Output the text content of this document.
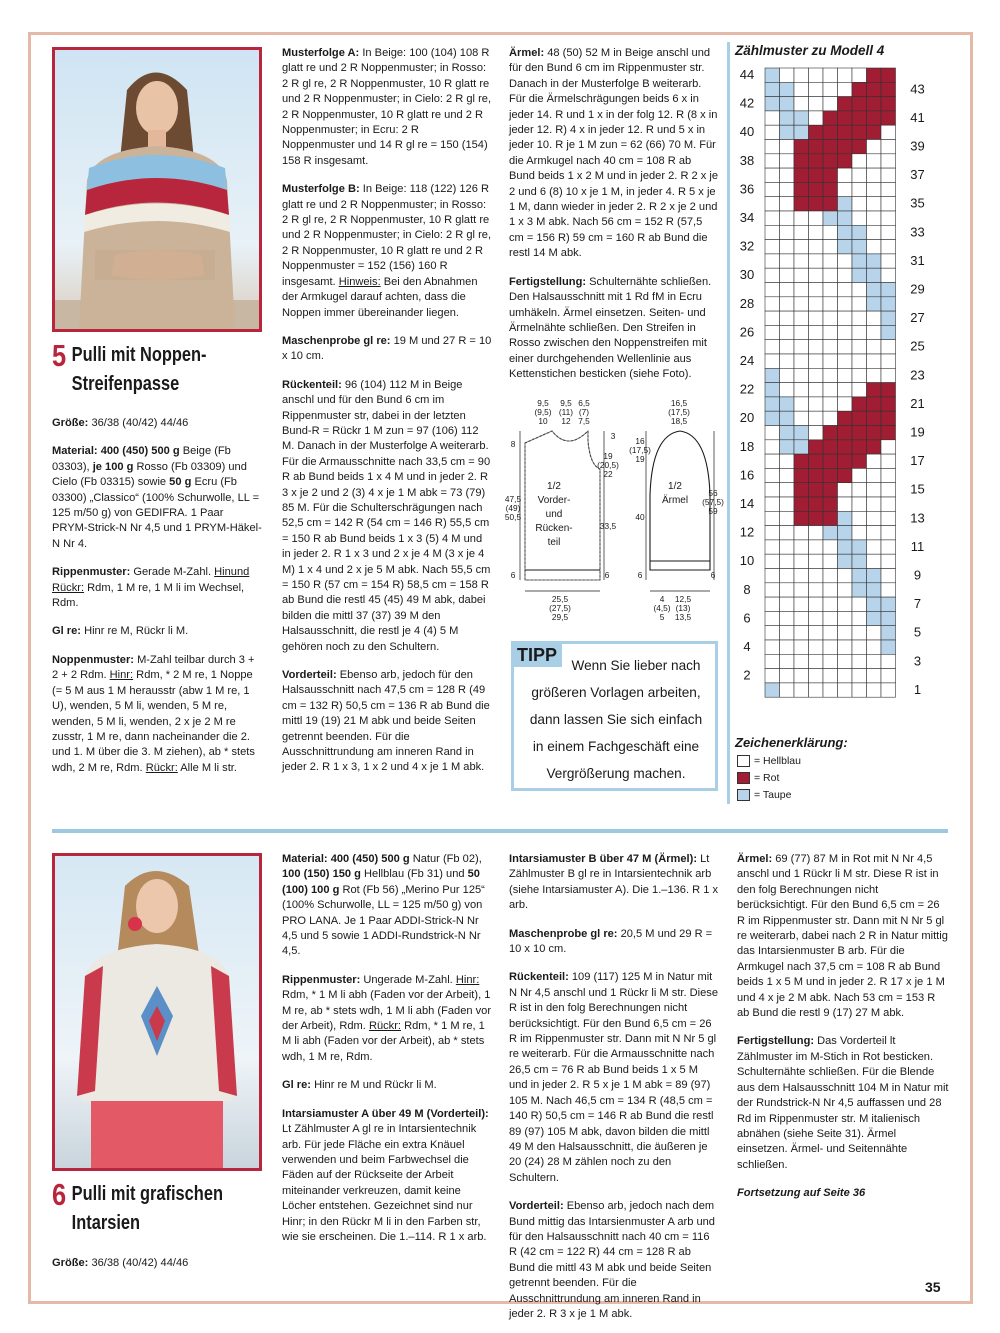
5 Pulli mit Noppen-
Streifenpasse

Größe: 36/38 (40/42) 44/46

Material: 400 (450) 500 g Beige (Fb 03303), je 100 g Rosso (Fb 03309) und Cielo (Fb 03315) sowie 50 g Ecru (Fb 03300) „Classico“ (100% Schurwolle, LL = 125 m/50 g) von GEDIFRA. 1 Paar PRYM-Strick-N Nr 4,5 und 1 PRYM-Häkel-N Nr 4.

Rippenmuster: Gerade M-Zahl. Hinund Rückr: Rdm, 1 M re, 1 M li im Wechsel, Rdm.

Gl re: Hinr re M, Rückr li M.

Noppenmuster: M-Zahl teilbar durch 3 + 2 + 2 Rdm. Hinr: Rdm, * 2 M re, 1 Noppe (= 5 M aus 1 M herausstr (abw 1 M re, 1 U), wenden, 5 M li, wenden, 5 M re, wenden, 5 M li, wenden, 2 x je 2 M re zusstr, 1 M re, dann nacheinander die 2. und 1. M über die 3. M ziehen), ab * stets wdh, 2 M re, Rdm. Rückr: Alle M li str.

Musterfolge A: In Beige: 100 (104) 108 R glatt re und 2 R Noppenmuster; in Rosso: 2 R gl re, 2 R Noppenmuster, 10 R glatt re und 2 R Noppenmuster; in Cielo: 2 R gl re, 2 R Noppenmuster, 10 R glatt re und 2 R Noppenmuster; in Ecru: 2 R Noppenmuster und 14 R gl re = 150 (154) 158 R insgesamt.

Musterfolge B: In Beige: 118 (122) 126 R glatt re und 2 R Noppenmuster; in Rosso: 2 R gl re, 2 R Noppenmuster, 10 R glatt re und 2 R Noppenmuster; in Cielo: 2 R gl re, 2 R Noppenmuster, 10 R glatt re und 2 R Noppenmuster = 152 (156) 160 R insgesamt. Hinweis: Bei den Abnahmen der Armkugel darauf achten, dass die Noppen immer übereinander liegen.

Maschenprobe gl re: 19 M und 27 R = 10 x 10 cm.

Rückenteil: 96 (104) 112 M in Beige anschl und für den Bund 6 cm im Rippenmuster str, dabei in der letzten Bund-R = Rückr 1 M zun = 97 (106) 112 M. Danach in der Musterfolge A weiterarb. Für die Armausschnitte nach 33,5 cm = 90 R ab Bund beids 1 x 4 M und in jeder 2. R 3 x je 2 und 2 (3) 4 x je 1 M abk = 73 (79) 85 M. Für die Schulterschrägungen nach 52,5 cm = 142 R (54 cm = 146 R) 55,5 cm = 150 R ab Bund beids 1 x 3 (5) 4 M und in jeder 2. R 1 x 3 und 2 x je 4 M (3 x je 4 M) 1 x 4 und 2 x je 5 M abk. Nach 55,5 cm = 150 R (57 cm = 154 R) 58,5 cm = 158 R ab Bund die restl 45 (45) 49 M abk, dabei bilden die mittl 37 (37) 39 M den Halsausschnitt, die restl je 4 (4) 5 M gehören noch zu den Schultern.

Vorderteil: Ebenso arb, jedoch für den Halsausschnitt nach 47,5 cm = 128 R (49 cm = 132 R) 50,5 cm = 136 R ab Bund die mittl 19 (19) 21 M abk und beide Seiten getrennt beenden. Für die Ausschnittrundung am inneren Rand in jeder 2. R 1 x 3, 1 x 2 und 4 x je 1 M abk.

Ärmel: 48 (50) 52 M in Beige anschl und für den Bund 6 cm im Rippenmuster str. Danach in der Musterfolge B weiterarb. Für die Ärmelschrägungen beids 6 x in jeder 14. R und 1 x in der folg 12. R (8 x in jeder 12. R) 4 x in jeder 12. R und 5 x in jeder 10. R je 1 M zun = 62 (66) 70 M. Für die Armkugel nach 40 cm = 108 R ab Bund beids 1 x 2 M und in jeder 2. R 2 x je 2 und 6 (8) 10 x je 1 M, in jeder 4. R 5 x je 1 M, dann wieder in jeder 2. R 2 x je 2 und 1 x 3 M abk. Nach 56 cm = 152 R (57,5 cm = 156 R) 59 cm = 160 R ab Bund die restl 14 M abk.

Fertigstellung: Schulternähte schließen. Den Halsausschnitt mit 1 Rd fM in Ecru umhäkeln. Ärmel einsetzen. Seiten- und Ärmelnähte schließen. Den Streifen in Rosso zwischen den Noppenstreifen mit einer durchgehenden Wellenlinie aus Kettenstichen besticken (siehe Foto).

9,5
(9,5)
10
9,5
(11)
12
6,5
(7)
7,5
3
8
47,5
(49)
50,5
19
(20,5)
22
33,5
1/2
Vorder-
und
Rücken-
teil
6	6
25,5
(27,5)
29,5
16,5
(17,5)
18,5
16
(17,5)
19
40
1/2
Ärmel
56
(57,5)
59
6	6
4
(4,5)
5
12,5
(13)
13,5
TIPP
Wenn Sie lieber nach
größeren Vorlagen arbeiten,
dann lassen Sie sich einfach
in einem Fachgeschäft eine
Vergrößerung machen.
Zählmuster zu Modell 4
44
42
40
38
36
34
32
30
28
26
24
22
20
18
16
14
12
10
8
6
4
2
43
41
39
37
35
33
31
29
27
25
23
21
19
17
15
13
11
9
7
5
3
1
Zeichenerklärung:
= Hellblau
= Rot
= Taupe
6 Pulli mit grafischen
Intarsien

Größe: 36/38 (40/42) 44/46

Material: 400 (450) 500 g Natur (Fb 02), 100 (150) 150 g Hellblau (Fb 31) und 50 (100) 100 g Rot (Fb 56) „Merino Pur 125“ (100% Schurwolle, LL = 125 m/50 g) von PRO LANA. Je 1 Paar ADDI-Strick-N Nr 4,5 und 5 sowie 1 ADDI-Rundstrick-N Nr 4,5.

Rippenmuster: Ungerade M-Zahl. Hinr: Rdm, * 1 M li abh (Faden vor der Arbeit), 1 M re, ab * stets wdh, 1 M li abh (Faden vor der Arbeit), Rdm. Rückr: Rdm, * 1 M re, 1 M li abh (Faden vor der Arbeit), ab * stets wdh, 1 M re, Rdm.

Gl re: Hinr re M und Rückr li M.

Intarsiamuster A über 49 M (Vorderteil): Lt Zählmuster A gl re in Intarsientechnik arb. Für jede Fläche ein extra Knäuel verwenden und beim Farbwechsel die Fäden auf der Rückseite der Arbeit miteinander verkreuzen, damit keine Löcher entstehen. Gezeichnet sind nur Hinr; in den Rückr M li in den Farben str, wie sie erscheinen. Die 1.–114. R 1 x arb.

Intarsiamuster B über 47 M (Ärmel): Lt Zählmuster B gl re in Intarsientechnik arb (siehe Intarsiamuster A). Die 1.–136. R 1 x arb.

Maschenprobe gl re: 20,5 M und 29 R = 10 x 10 cm.

Rückenteil: 109 (117) 125 M in Natur mit N Nr 4,5 anschl und 1 Rückr li M str. Diese R ist in den folg Berechnungen nicht berücksichtigt. Für den Bund 6,5 cm = 26 R im Rippenmuster str. Dann mit N Nr 5 gl re weiterarb. Für die Armausschnitte nach 26,5 cm = 76 R ab Bund beids 1 x 5 M und in jeder 2. R 5 x je 1 M abk = 89 (97) 105 M. Nach 46,5 cm = 134 R (48,5 cm = 140 R) 50,5 cm = 146 R ab Bund die restl 89 (97) 105 M abk, davon bilden die mittl 49 M den Halsausschnitt, die äußeren je 20 (24) 28 M zählen noch zu den Schultern.

Vorderteil: Ebenso arb, jedoch nach dem Bund mittig das Intarsienmuster A arb und für den Halsausschnitt nach 40 cm = 116 R (42 cm = 122 R) 44 cm = 128 R ab Bund die mittl 43 M abk und beide Seiten getrennt beenden. Für die Ausschnittrundung am inneren Rand in jeder 2. R 3 x je 1 M abk.

Ärmel: 69 (77) 87 M in Rot mit N Nr 4,5 anschl und 1 Rückr li M str. Diese R ist in den folg Berechnungen nicht berücksichtigt. Für den Bund 6,5 cm = 26 R im Rippenmuster str. Dann mit N Nr 5 gl re weiterarb, dabei nach 2 R in Natur mittig das Intarsienmuster B arb. Für die Armkugel nach 37,5 cm = 108 R ab Bund beids 1 x 5 M und in jeder 2. R 17 x je 1 M und 4 x je 2 M abk. Nach 53 cm = 153 R ab Bund die restl 9 (17) 27 M abk.

Fertigstellung: Das Vorderteil lt Zählmuster im M-Stich in Rot besticken. Schulternähte schließen. Für die Blende aus dem Halsausschnitt 104 M in Natur mit der Rundstrick-N Nr 4,5 auffassen und 28 Rd im Rippenmuster str. M italienisch abnähen (siehe Seite 31). Ärmel einsetzen. Ärmel- und Seitennähte schließen.

Fortsetzung auf Seite 36

35
